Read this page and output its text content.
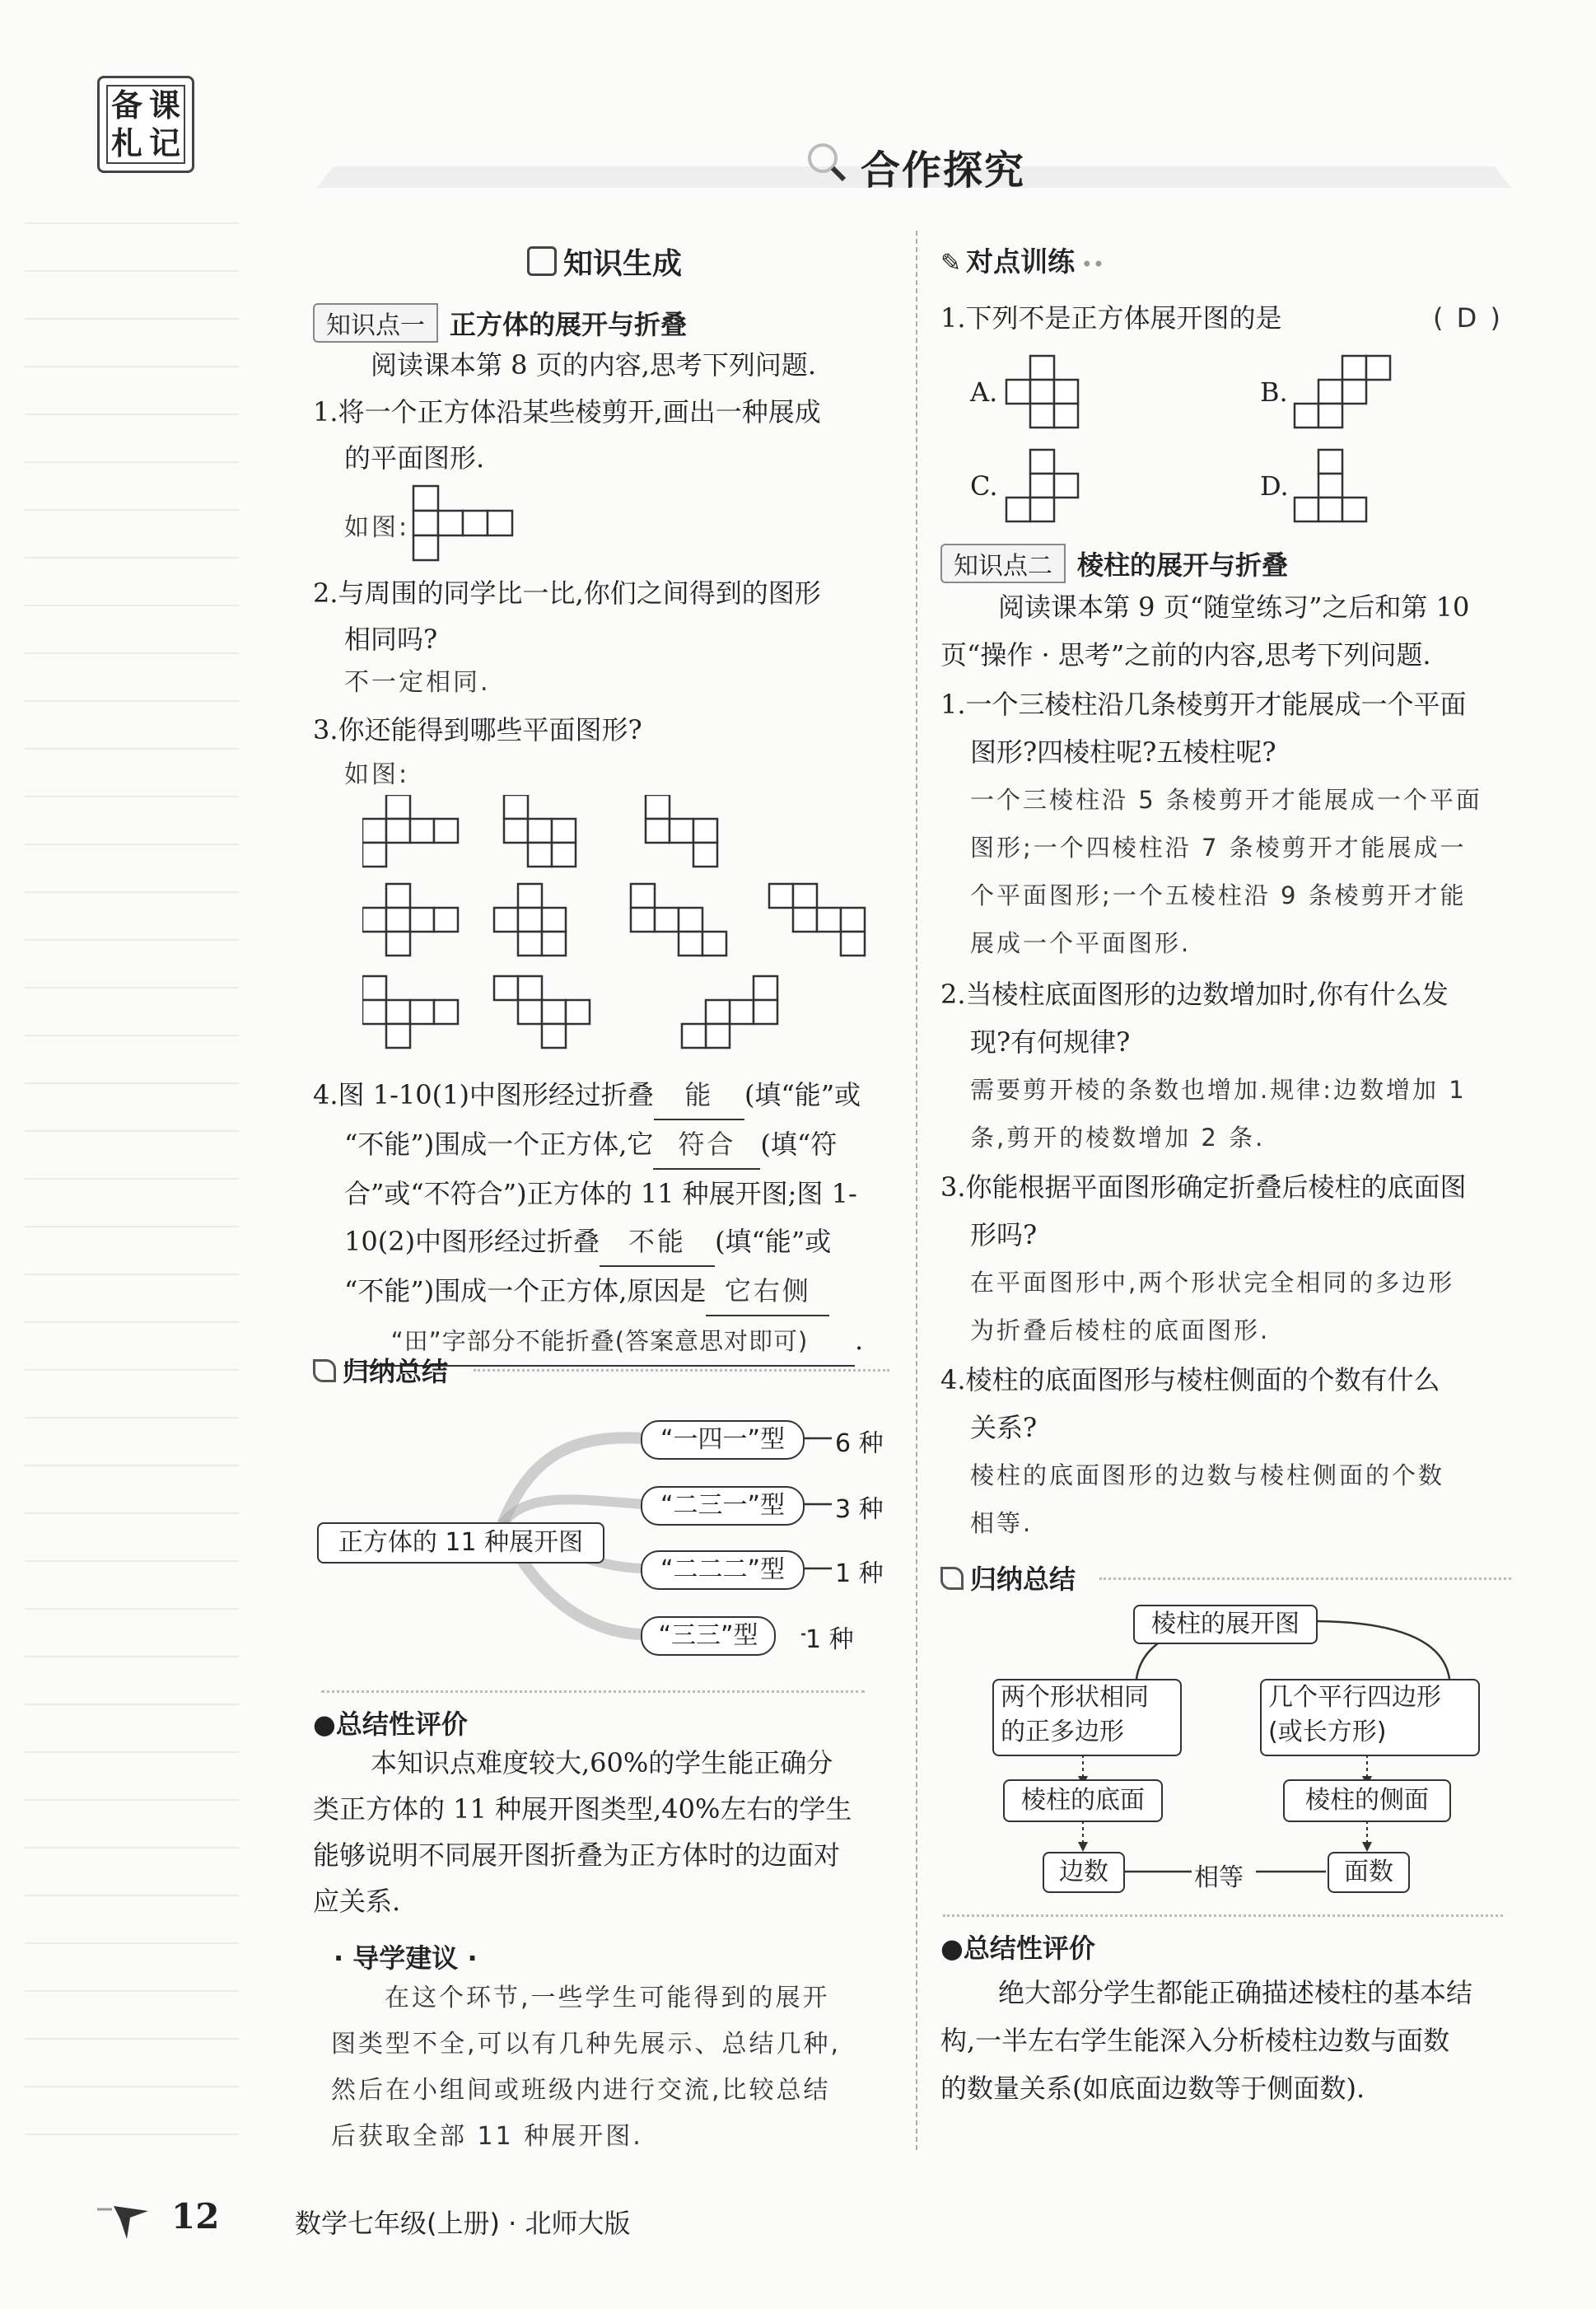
备 课
札 记
合作探究
知识生成
知识点一 正方体的展开与折叠
阅读课本第 8 页的内容,思考下列问题.
1.将一个正方体沿某些棱剪开,画出一种展成
的平面图形.
如图:
2.与周围的同学比一比,你们之间得到的图形
相同吗?
不一定相同.
3.你还能得到哪些平面图形?
如图:
4.图 1-10(1)中图形经过折叠 能 (填“能”或
“不能”)围成一个正方体,它 符合 (填“符
合”或“不符合”)正方体的 11 种展开图;图 1-
10(2)中图形经过折叠 不能 (填“能”或
“不能”)围成一个正方体,原因是 它右侧
“田”字部分不能折叠(答案意思对即可) .
归纳总结
正方体的 11 种展开图
“一四一”型	6 种
“二三一”型	3 种
“二二二”型	1 种
“三三”型	1 种
●总结性评价
本知识点难度较大,60%的学生能正确分
类正方体的 11 种展开图类型,40%左右的学生
能够说明不同展开图折叠为正方体时的边面对
应关系.
· 导学建议 ·
在这个环节,一些学生可能得到的展开
图类型不全,可以有几种先展示、总结几种,
然后在小组间或班级内进行交流,比较总结
后获取全部 11 种展开图.
✎ 对点训练 ••
1.下列不是正方体展开图的是	( D )
A.	B.
C.	D.
知识点二 棱柱的展开与折叠
阅读课本第 9 页“随堂练习”之后和第 10
页“操作 · 思考”之前的内容,思考下列问题.
1.一个三棱柱沿几条棱剪开才能展成一个平面
图形?四棱柱呢?五棱柱呢?
一个三棱柱沿 5 条棱剪开才能展成一个平面
图形;一个四棱柱沿 7 条棱剪开才能展成一
个平面图形;一个五棱柱沿 9 条棱剪开才能
展成一个平面图形.
2.当棱柱底面图形的边数增加时,你有什么发
现?有何规律?
需要剪开棱的条数也增加.规律:边数增加 1
条,剪开的棱数增加 2 条.
3.你能根据平面图形确定折叠后棱柱的底面图
形吗?
在平面图形中,两个形状完全相同的多边形
为折叠后棱柱的底面图形.
4.棱柱的底面图形与棱柱侧面的个数有什么
关系?
棱柱的底面图形的边数与棱柱侧面的个数
相等.
归纳总结
棱柱的展开图
两个形状相同
的正多边形
几个平行四边形
(或长方形)
棱柱的底面	棱柱的侧面
边数	相等	面数
●总结性评价
绝大部分学生都能正确描述棱柱的基本结
构,一半左右学生能深入分析棱柱边数与面数
的数量关系(如底面边数等于侧面数).
12	数学七年级(上册) · 北师大版
